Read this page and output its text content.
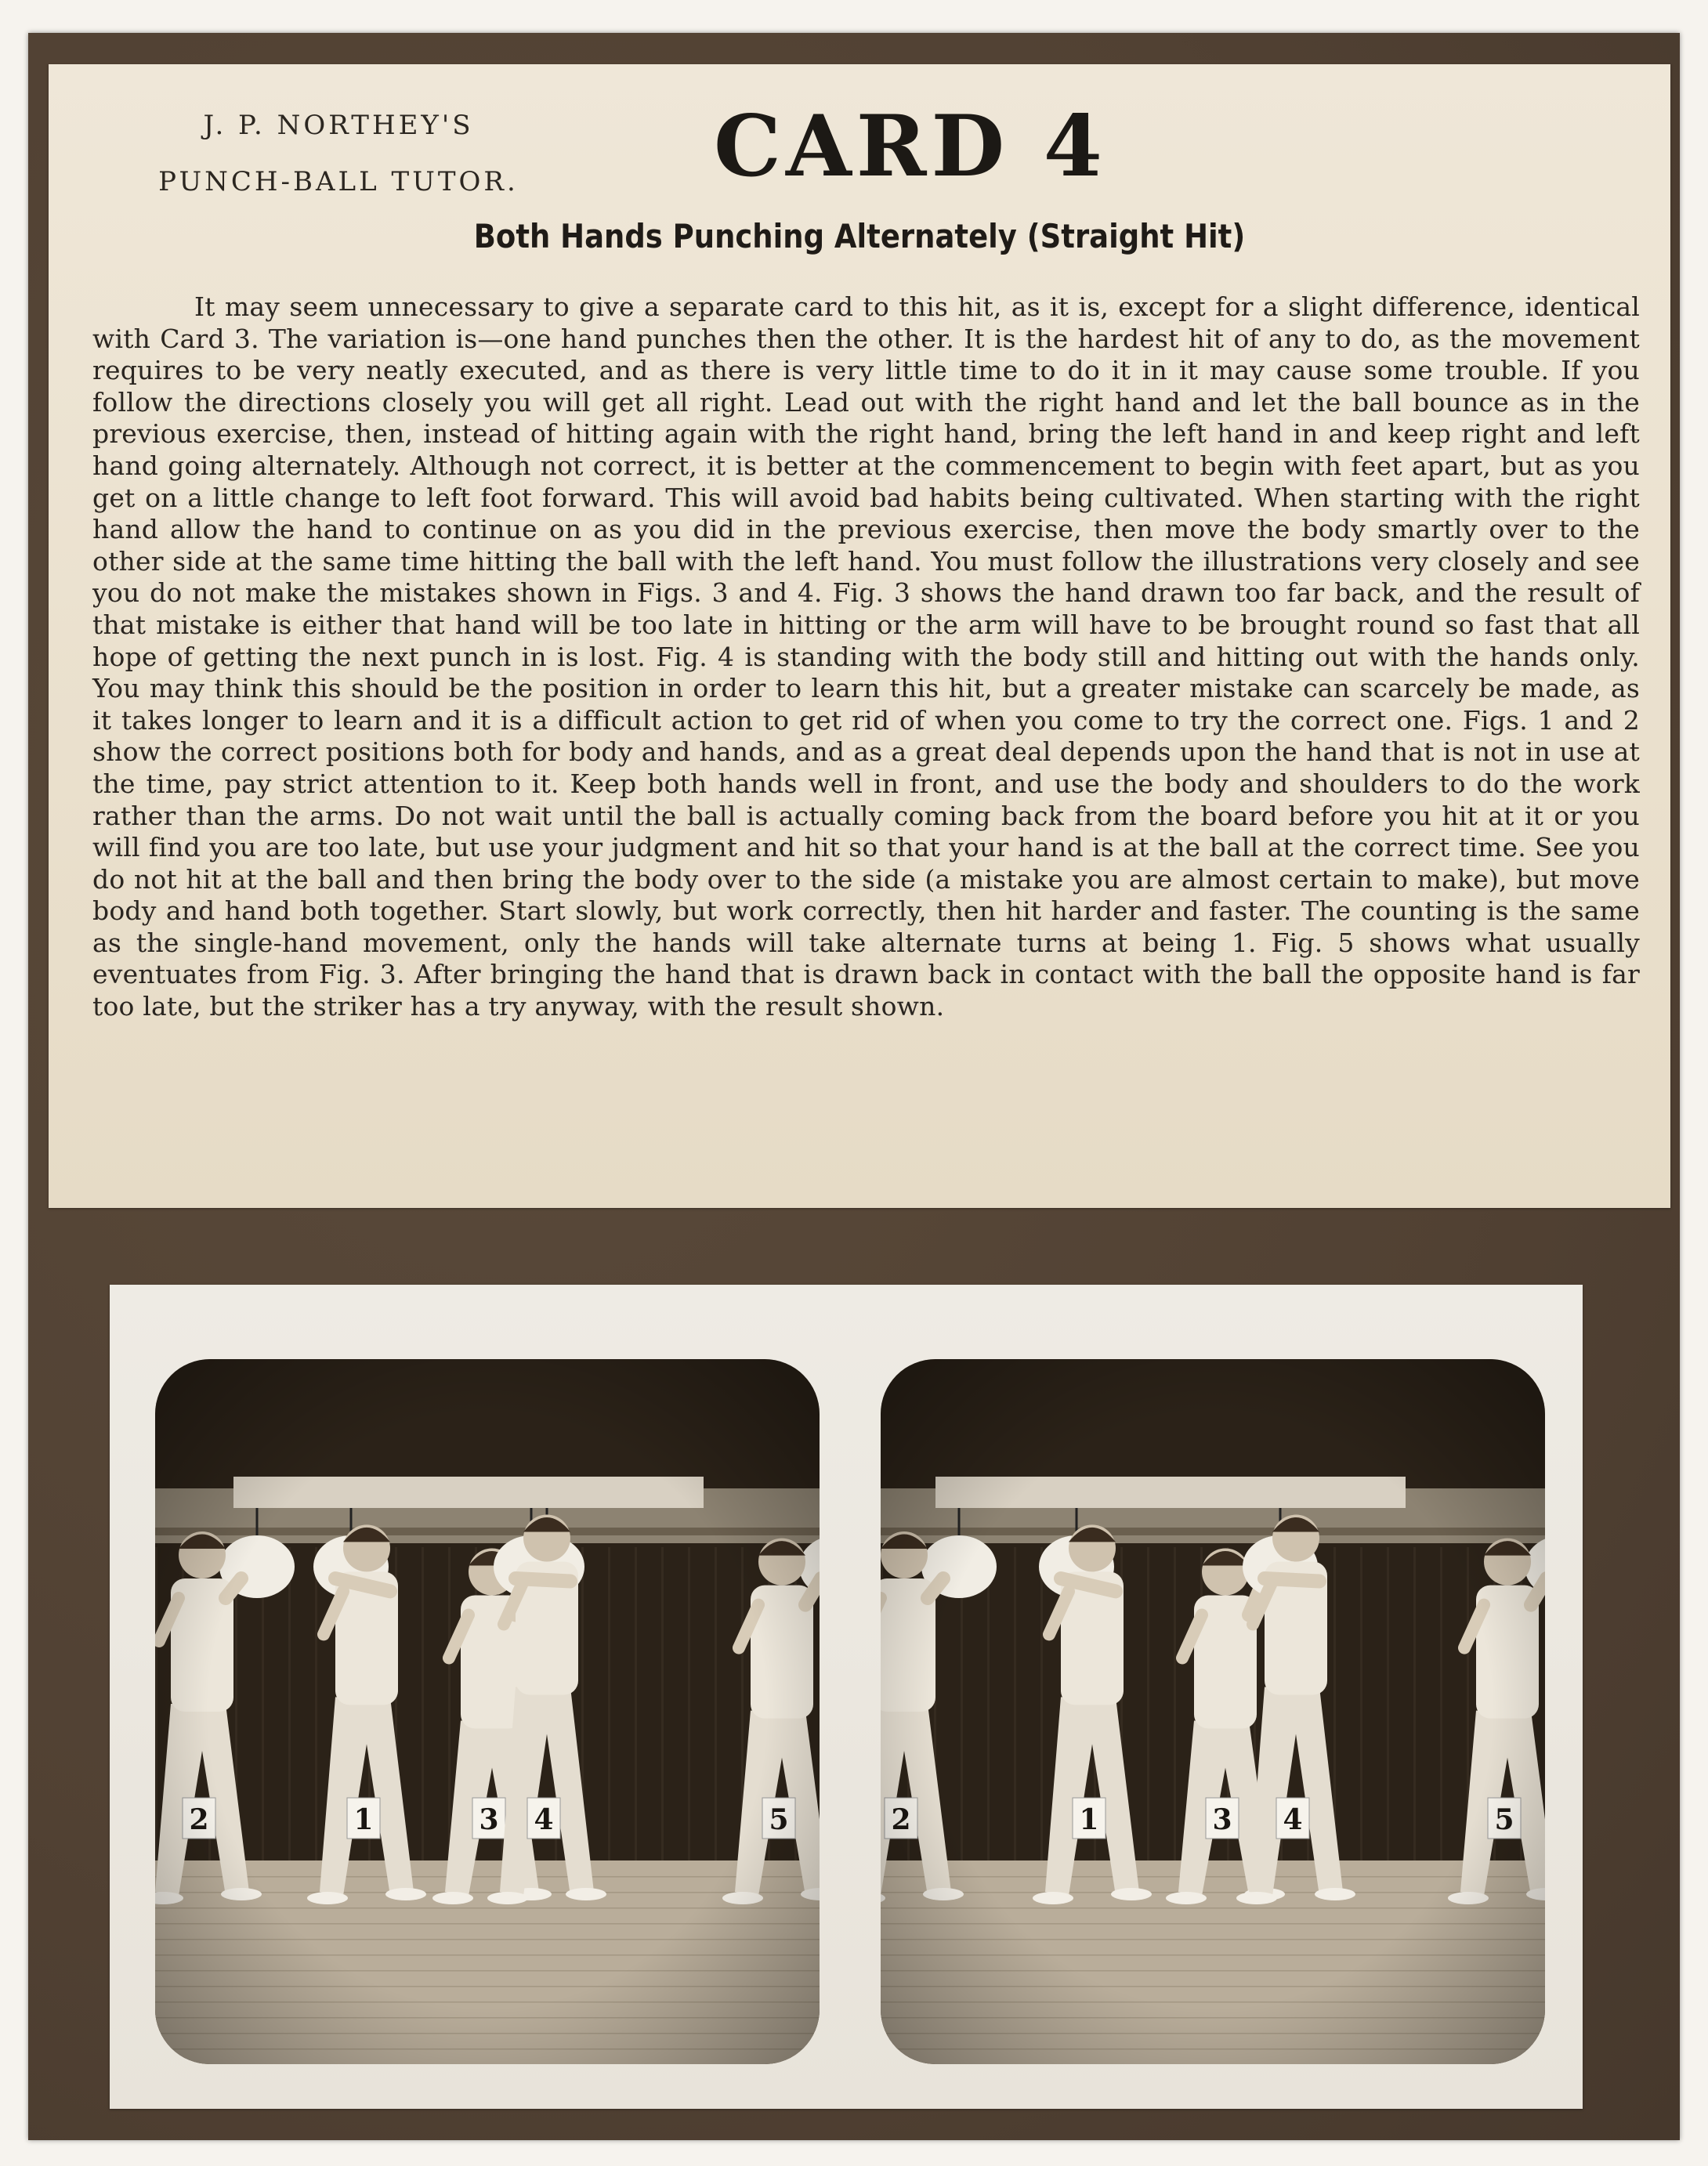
J. P. NORTHEY'S
PUNCH-BALL TUTOR.	CARD 4
Both Hands Punching Alternately (Straight Hit)
It may seem unnecessary to give a separate card to this hit, as it is, except for a slight difference, identical with Card 3. The variation is—one hand punches then the other. It is the hardest hit of any to do, as the movement requires to be very neatly executed, and as there is very little time to do it in it may cause some trouble. If you follow the directions closely you will get all right. Lead out with the right hand and let the ball bounce as in the previous exercise, then, instead of hitting again with the right hand, bring the left hand in and keep right and left hand going alternately. Although not correct, it is better at the commencement to begin with feet apart, but as you get on a little change to left foot forward. This will avoid bad habits being cultivated. When starting with the right hand allow the hand to continue on as you did in the previous exercise, then move the body smartly over to the other side at the same time hitting the ball with the left hand. You must follow the illustrations very closely and see you do not make the mistakes shown in Figs. 3 and 4. Fig. 3 shows the hand drawn too far back, and the result of that mistake is either that hand will be too late in hitting or the arm will have to be brought round so fast that all hope of getting the next punch in is lost. Fig. 4 is standing with the body still and hitting out with the hands only. You may think this should be the position in order to learn this hit, but a greater mistake can scarcely be made, as it takes longer to learn and it is a difficult action to get rid of when you come to try the correct one. Figs. 1 and 2 show the correct positions both for body and hands, and as a great deal depends upon the hand that is not in use at the time, pay strict attention to it. Keep both hands well in front, and use the body and shoulders to do the work rather than the arms. Do not wait until the ball is actually coming back from the board before you hit at it or you will find you are too late, but use your judgment and hit so that your hand is at the ball at the correct time. See you do not hit at the ball and then bring the body over to the side (a mistake you are almost certain to make), but move body and hand both together. Start slowly, but work correctly, then hit harder and faster. The counting is the same as the single-hand movement, only the hands will take alternate turns at being 1. Fig. 5 shows what usually eventuates from Fig. 3. After bringing the hand that is drawn back in contact with the ball the opposite hand is far too late, but the striker has a try anyway, with the result shown.
